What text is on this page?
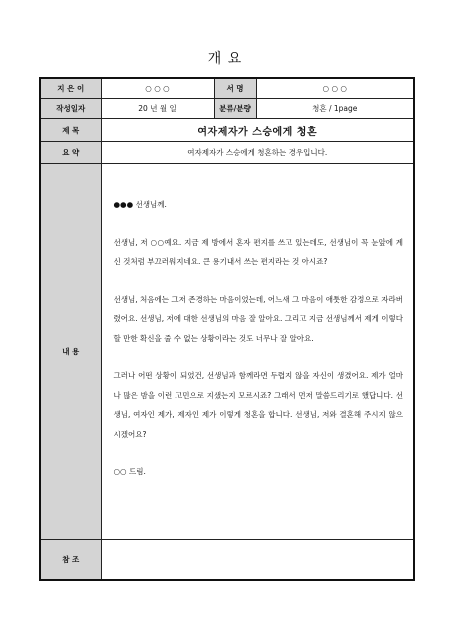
개 요
지 은 이	○ ○ ○	서 명	○ ○ ○
작성일자	20 년 월 일	분류/분량	청혼 / 1page
제 목	여자제자가 스승에게 청혼		
요 약	여자제자가 스승에게 청혼하는 경우입니다.		
내 용	●●● 선생님께.

선생님, 저 ○○예요. 지금 제 방에서 혼자 편지를 쓰고 있는데도, 선생님이 꼭 눈앞에 계신 것처럼 부끄러워지네요. 큰 용기내서 쓰는 편지라는 것 아시죠?

선생님, 처음에는 그저 존경하는 마음이었는데, 어느새 그 마음이 애틋한 감정으로 자라버렸어요. 선생님, 저에 대한 선생님의 마음 잘 알아요. 그리고 지금 선생님께서 제게 이렇다할 만한 확신을 줄 수 없는 상황이라는 것도 너무나 잘 알아요.

그러나 어떤 상황이 되었건, 선생님과 함께라면 두렵지 않을 자신이 생겼어요. 제가 얼마나 많은 밤을 이런 고민으로 지샜는지 모르시죠? 그래서 먼저 말씀드리기로 했답니다. 선생님, 여자인 제가, 제자인 제가 이렇게 청혼을 합니다. 선생님, 저와 결혼해 주시지 않으시겠어요?

○○ 드림.		

참 조			
